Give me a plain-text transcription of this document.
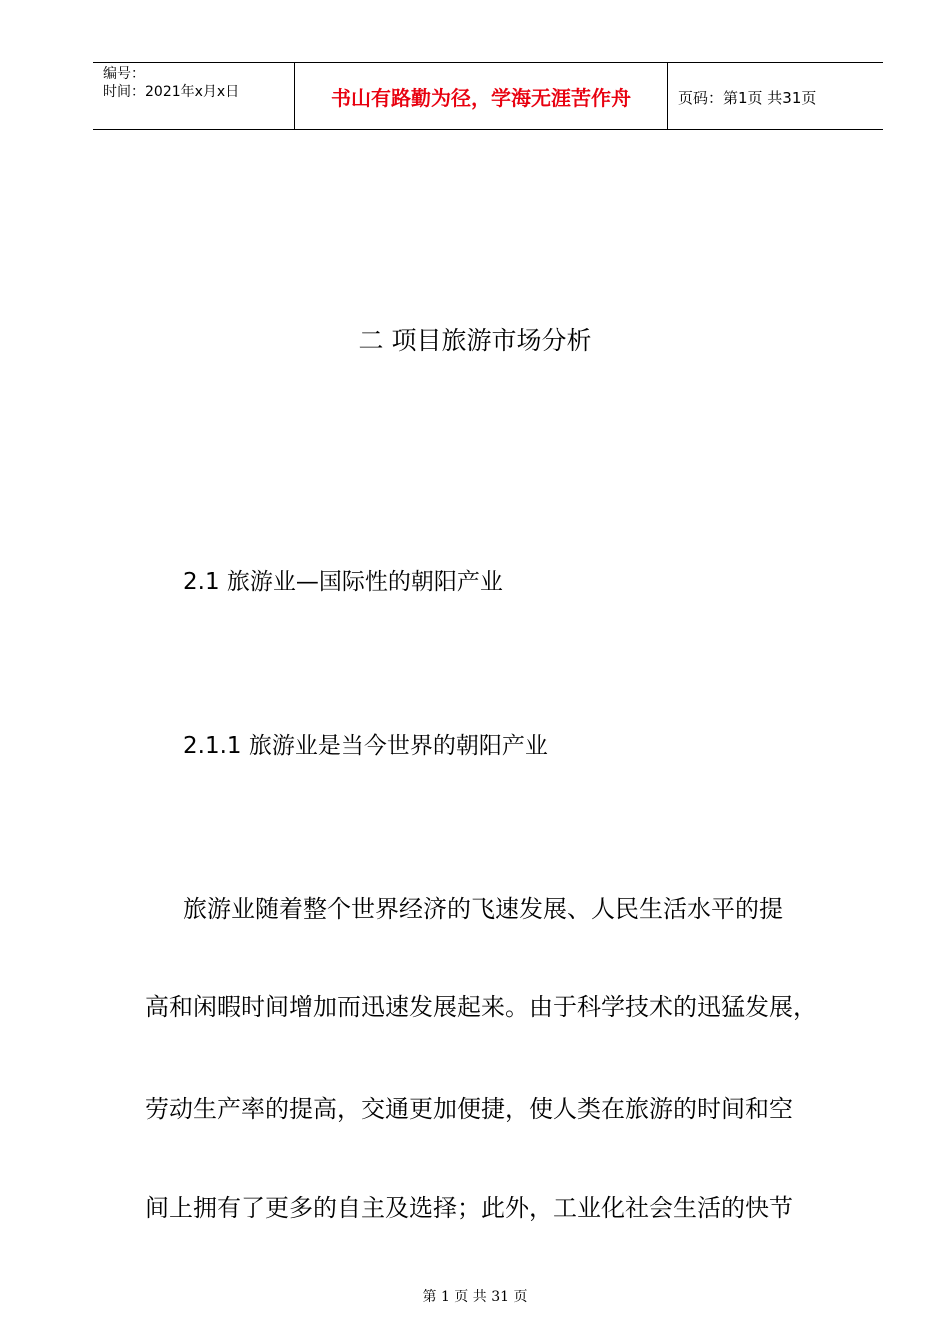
编号：
时间：2021年x月x日	书山有路勤为径，学海无涯苦作舟	页码：第1页 共31页
二 项目旅游市场分析
2.1 旅游业—国际性的朝阳产业
2.1.1 旅游业是当今世界的朝阳产业
旅游业随着整个世界经济的飞速发展、人民生活水平的提
高和闲暇时间增加而迅速发展起来。由于科学技术的迅猛发展，
劳动生产率的提高，交通更加便捷，使人类在旅游的时间和空
间上拥有了更多的自主及选择；此外，工业化社会生活的快节
第 1 页 共 31 页
